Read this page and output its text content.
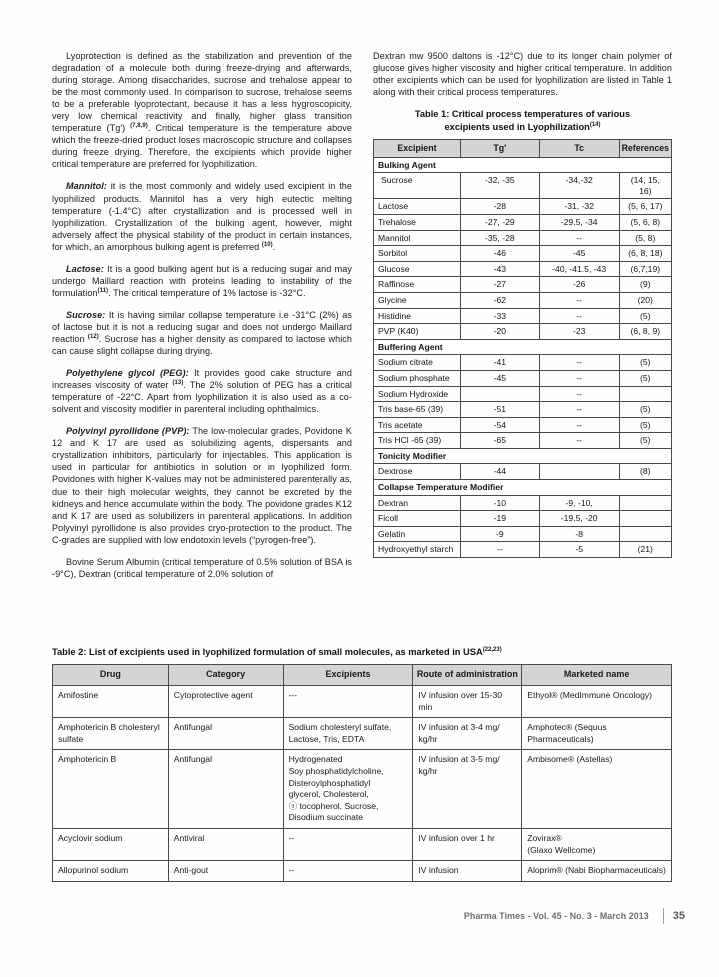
Lyoprotection is defined as the stabilization and prevention of the degradation of a molecule both during freeze-drying and afterwards, during storage. Among disaccharides, sucrose and trehalose appear to be the most commonly used. In comparison to sucrose, trehalose seems to be a preferable lyoprotectant, because it has a less hygroscopicity, very low chemical reactivity and finally, higher glass transition temperature (Tg′) $^{(7,8,9)}$. Critical temperature is the temperature above which the freeze-dried product loses macroscopic structure and collapses during freeze drying. Therefore, the excipients which provide higher critical temperature are preferred for lyophilization.

Mannitol: it is the most commonly and widely used excipient in the lyophilized products. Mannitol has a very high eutectic melting temperature (-1.4°C) after crystallization and is processed well in lyophilization. Crystallization of the bulking agent, however, might adversely affect the physical stability of the product in certain instances, for which, an amorphous bulking agent is preferred $^{(10)}$.

Lactose: It is a good bulking agent but is a reducing sugar and may undergo Maillard reaction with proteins leading to instability of the formulation$^{(11)}$. The critical temperature of 1% lactose is -32°C.

Sucrose: It is having similar collapse temperature i.e -31°C (2%) as of lactose but it is not a reducing sugar and does not undergo Maillard reaction $^{(12)}$. Sucrose has a higher density as compared to lactose which can cause slight collapse during drying.

Polyethylene glycol (PEG): It provides good cake structure and increases viscosity of water $^{(13)}$. The 2% solution of PEG has a critical temperature of -22°C. Apart from lyophilization it is also used as a co-solvent and viscosity modifier in parenteral including ophthalmics.

Polyvinyl pyrollidone (PVP): The low-molecular grades, Povidone K 12 and K 17 are used as solubilizing agents, dispersants and crystallization inhibitors, particularly for injectables. This application is used in particular for antibiotics in solution or in lyophilized form. Povidones with higher K-values may not be administered parenterally as, due to their high molecular weights, they cannot be excreted by the kidneys and hence accumulate within the body. The povidone grades K12 and K 17 are used as solubilizers in parenteral applications. In addition Polyvinyl pyrollidone is also provides cryo-protection to the product. The C-grades are supplied with low endotoxin levels (“pyrogen-free”).

Bovine Serum Albumin (critical temperature of 0.5% solution of BSA is -9°C), Dextran (critical temperature of 2.0% solution of

Dextran mw 9500 daltons is -12°C) due to its longer chain polymer of glucose gives higher viscosity and higher critical temperature. In addition other excipients which can be used for lyophilization are listed in Table 1 along with their critical process temperatures.

Table 1: Critical process temperatures of various
excipients used in Lyophilization$^{(14)}$
Excipient	Tg'	Tc	References
Bulking Agent			
Sucrose	-32, -35	-34,-32	(14, 15, 16)
Lactose	-28	-31, -32	(5, 6, 17)
Trehalose	-27, -29	-29.5, -34	(5, 6, 8)
Mannitol	-35, -28	--	(5, 8)
Sorbitol	-46	-45	(6, 8, 18)
Glucose	-43	-40, -41.5, -43	(6,7,19)
Raffinose	-27	-26	(9)
Glycine	-62	--	(20)
Histidine	-33	--	(5)
PVP (K40)	-20	-23	(6, 8, 9)
Buffering Agent			
Sodium citrate	-41	--	(5)
Sodium phosphate	-45	--	(5)
Sodium Hydroxide		--	
Tris base-65 (39)	-51	--	(5)
Tris acetate	-54	--	(5)
Tris HCl -65 (39)	-65	--	(5)
Tonicity Modifier			
Dextrose	-44		(8)
Collapse Temperature Modifier			
Dextran	-10	-9, -10,	
Ficoll	-19	-19.5, -20	
Gelatin	-9	-8	
Hydroxyethyl starch	--	-5	(21)
Table 2: List of excipients used in lyophilized formulation of small molecules, as marketed in USA$^{(22,23)}$
Drug	Category	Excipients	Route of administration	Marketed name
Amifostine	Cytoprotective agent	---	IV infusion over 15-30 min	Ethyol® (MedImmune Oncology)
Amphotericin B cholesteryl sulfate	Antifungal	Sodium cholesteryl sulfate,
Lactose, Tris, EDTA	IV infusion at 3-4 mg/ kg/hr	Amphotec® (Sequus Pharmaceuticals)
Amphotericin B	Antifungal	Hydrogenated
Soy phosphatidylcholine,
Disteroylphosphatidyl
glycerol, Cholesterol,
ⓐ tocopherol, Sucrose,
Disodium succinate	IV infusion at 3-5 mg/ kg/hr	Ambisome® (Astellas)
Acyclovir sodium	Antiviral	--	IV infusion over 1 hr	Zovirax®
(Glaxo Wellcome)
Allopurinol sodium	Anti-gout	--	IV infusion	Aloprim® (Nabi Biopharmaceuticals)
Pharma Times - Vol. 45 - No. 3 - March 2013 35
